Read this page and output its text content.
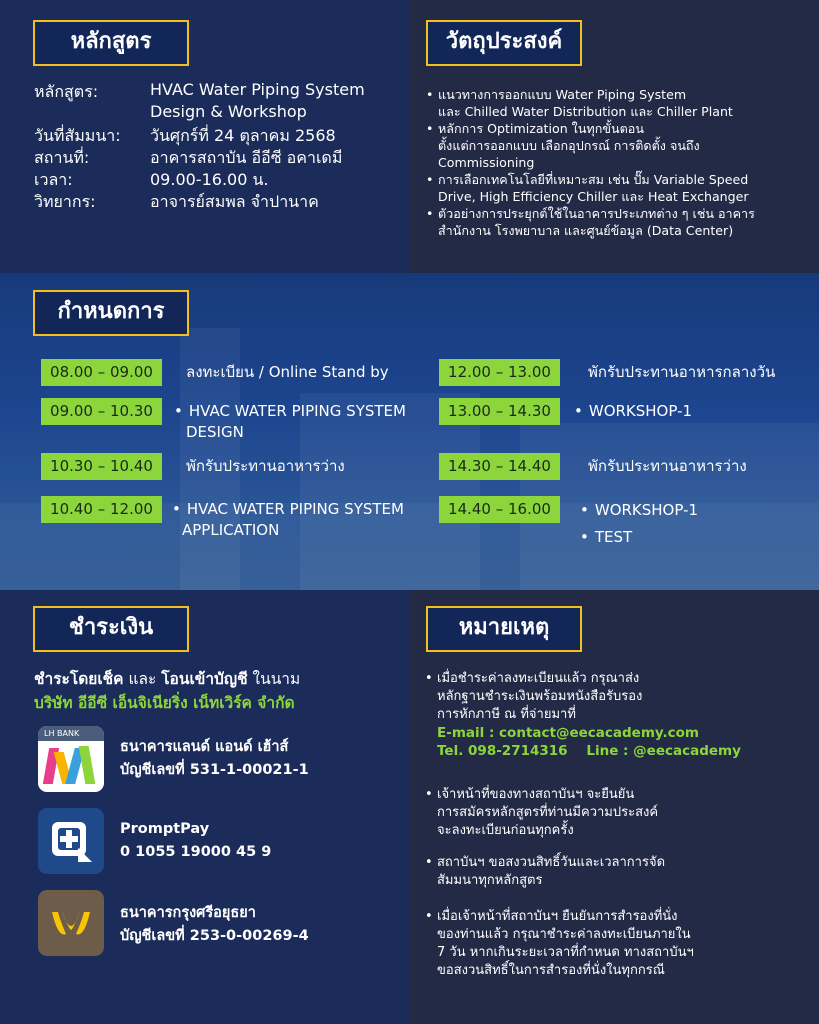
หลักสูตร
หลักสูตร:	HVAC Water Piping System
Design & Workshop
วันที่สัมมนา: วันศุกร์ที่ 24 ตุลาคม 2568
สถานที่:	อาคารสถาบัน อีอีซี อคาเดมี
เวลา:	09.00-16.00 น.
วิทยากร:	อาจารย์สมพล จำปานาค
วัตถุประสงค์
• แนวทางการออกแบบ Water Piping System
และ Chilled Water Distribution และ Chiller Plant
• หลักการ Optimization ในทุกขั้นตอน
ตั้งแต่การออกแบบ เลือกอุปกรณ์ การติดตั้ง จนถึง
Commissioning
• การเลือกเทคโนโลยีที่เหมาะสม เช่น ปั๊ม Variable Speed
Drive, High Efficiency Chiller และ Heat Exchanger
• ตัวอย่างการประยุกต์ใช้ในอาคารประเภทต่าง ๆ เช่น อาคาร
สำนักงาน โรงพยาบาล และศูนย์ข้อมูล (Data Center)
กำหนดการ
08.00 – 09.00	ลงทะเบียน / Online Stand by
09.00 – 10.30 •	HVAC WATER PIPING SYSTEM
DESIGN
10.30 – 10.40	พักรับประทานอาหารว่าง
10.40 – 12.00 •	HVAC WATER PIPING SYSTEM
APPLICATION
12.00 – 13.00	พักรับประทานอาหารกลางวัน
13.00 – 14.30 •	WORKSHOP-1
14.30 – 14.40	พักรับประทานอาหารว่าง
14.40 – 16.00 •	WORKSHOP-1
• TEST
ชำระเงิน
ชำระโดยเช็ค และ โอนเข้าบัญชี ในนาม
บริษัท อีอีซี เอ็นจิเนียริ่ง เน็ทเวิร์ค จำกัด
LH BANK
ธนาคารแลนด์ แอนด์ เฮ้าส์
บัญชีเลขที่ 531-1-00021-1
PromptPay
0 1055 19000 45 9
ธนาคารกรุงศรีอยุธยา
บัญชีเลขที่ 253-0-00269-4
หมายเหตุ
• เมื่อชำระค่าลงทะเบียนแล้ว กรุณาส่ง
หลักฐานชำระเงินพร้อมหนังสือรับรอง
การหักภาษี ณ ที่จ่ายมาที่
E-mail : contact@eecacademy.com
Tel. 098-2714316    Line : @eecacademy
• เจ้าหน้าที่ของทางสถาบันฯ จะยืนยัน
การสมัครหลักสูตรที่ท่านมีความประสงค์
จะลงทะเบียนก่อนทุกครั้ง
• สถาบันฯ ขอสงวนสิทธิ์วันและเวลาการจัด
สัมมนาทุกหลักสูตร
• เมื่อเจ้าหน้าที่สถาบันฯ ยืนยันการสำรองที่นั่ง
ของท่านแล้ว กรุณาชำระค่าลงทะเบียนภายใน
7 วัน หากเกินระยะเวลาที่กำหนด ทางสถาบันฯ
ขอสงวนสิทธิ์ในการสำรองที่นั่งในทุกกรณี
